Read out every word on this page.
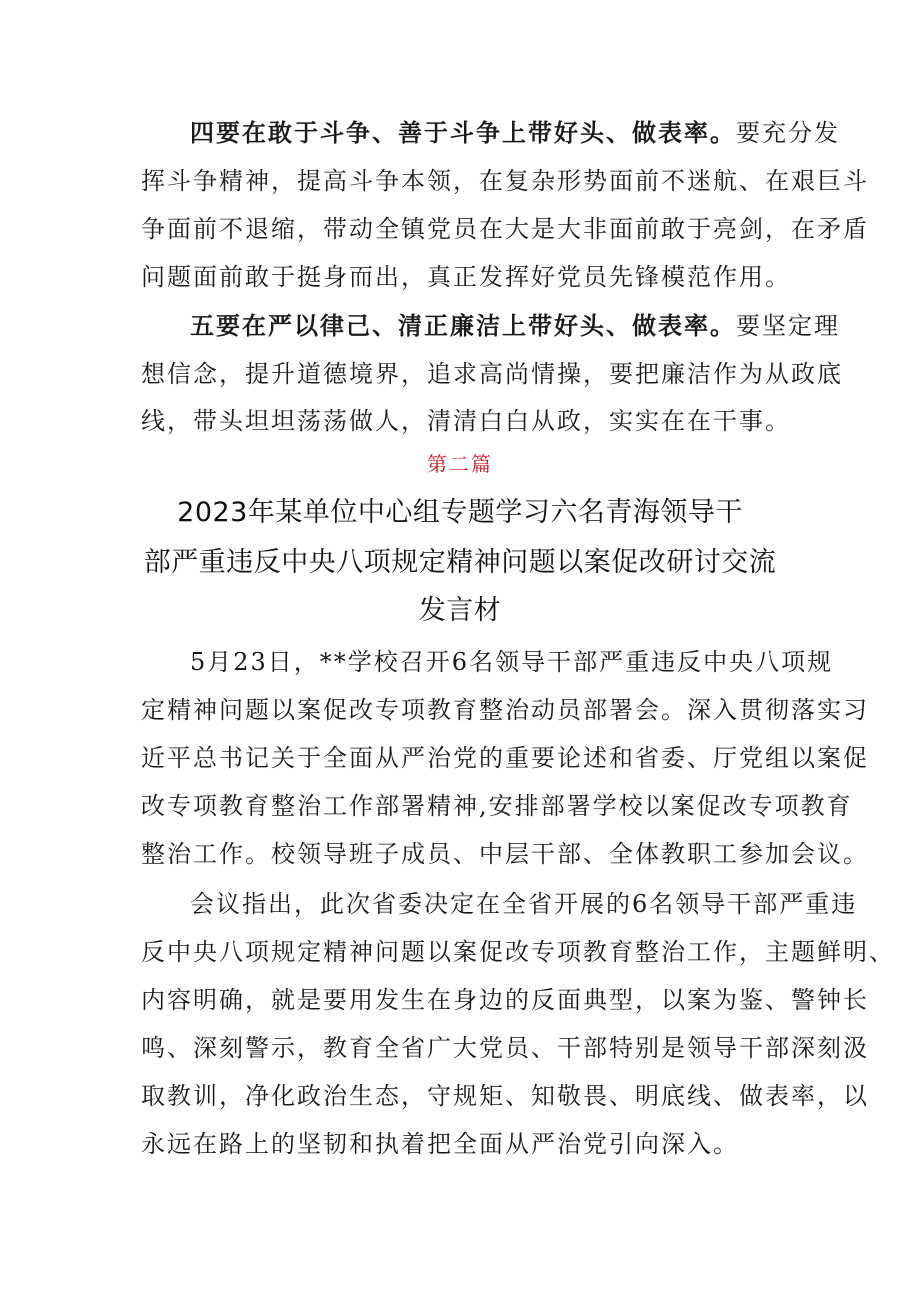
四要在敢于斗争、善于斗争上带好头、做表率。要充分发
挥斗争精神，提高斗争本领，在复杂形势面前不迷航、在艰巨斗
争面前不退缩，带动全镇党员在大是大非面前敢于亮剑，在矛盾
问题面前敢于挺身而出，真正发挥好党员先锋模范作用。
五要在严以律己、清正廉洁上带好头、做表率。要坚定理
想信念，提升道德境界，追求高尚情操，要把廉洁作为从政底
线，带头坦坦荡荡做人，清清白白从政，实实在在干事。
第二篇
2023年某单位中心组专题学习六名青海领导干
部严重违反中央八项规定精神问题以案促改研讨交流
发言材
5月23日，**学校召开6名领导干部严重违反中央八项规
定精神问题以案促改专项教育整治动员部署会。深入贯彻落实习
近平总书记关于全面从严治党的重要论述和省委、厅党组以案促
改专项教育整治工作部署精神,安排部署学校以案促改专项教育
整治工作。校领导班子成员、中层干部、全体教职工参加会议。
会议指出，此次省委决定在全省开展的6名领导干部严重违
反中央八项规定精神问题以案促改专项教育整治工作，主题鲜明、
内容明确，就是要用发生在身边的反面典型，以案为鉴、警钟长
鸣、深刻警示，教育全省广大党员、干部特别是领导干部深刻汲
取教训，净化政治生态，守规矩、知敬畏、明底线、做表率，以
永远在路上的坚韧和执着把全面从严治党引向深入。
